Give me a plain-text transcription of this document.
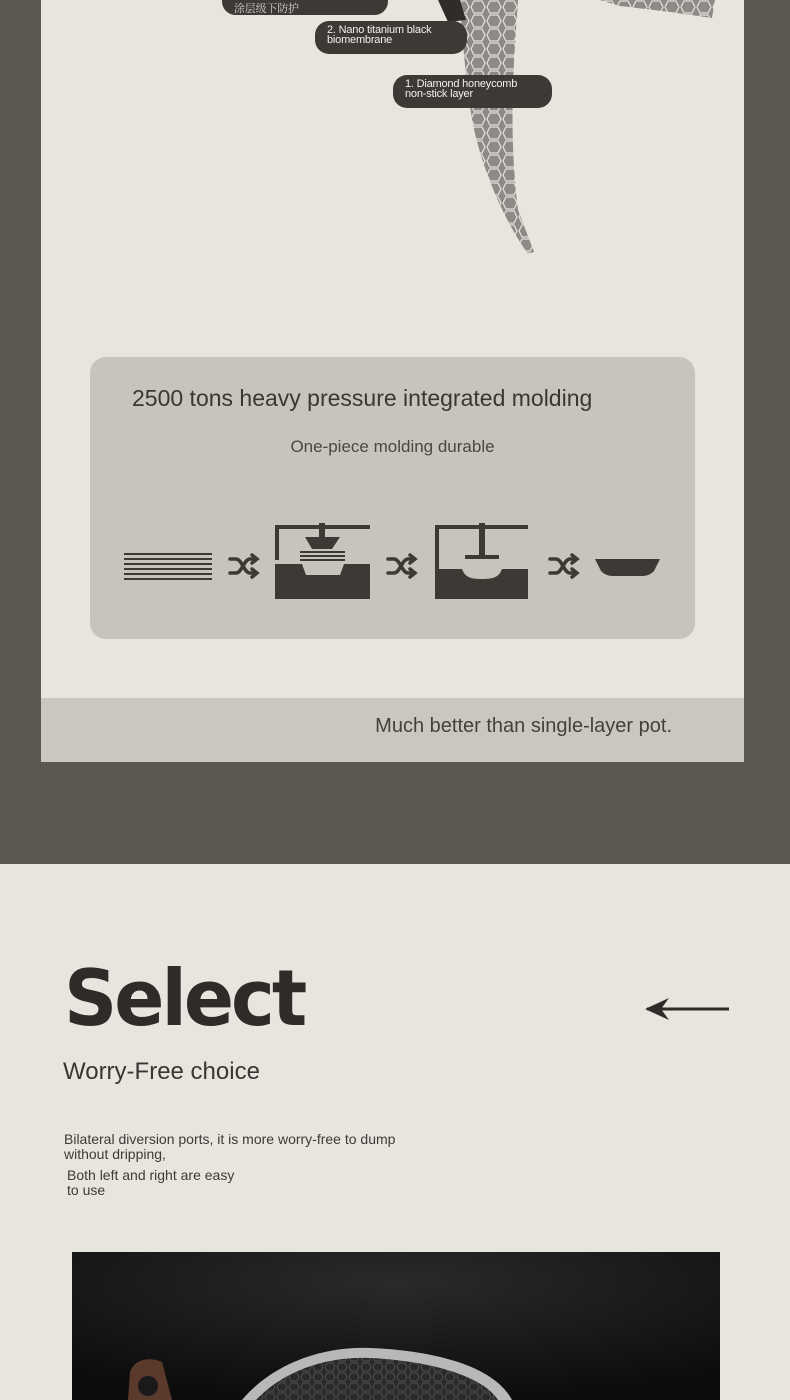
涂层级下防护
2. Nano titanium black
biomembrane
1. Diamond honeycomb
non-stick layer
2500 tons heavy pressure integrated molding
One-piece molding durable
Much better than single-layer pot.
Select
Worry-Free choice
Bilateral diversion ports, it is more worry-free to dump
without dripping,
Both left and right are easy
to use
